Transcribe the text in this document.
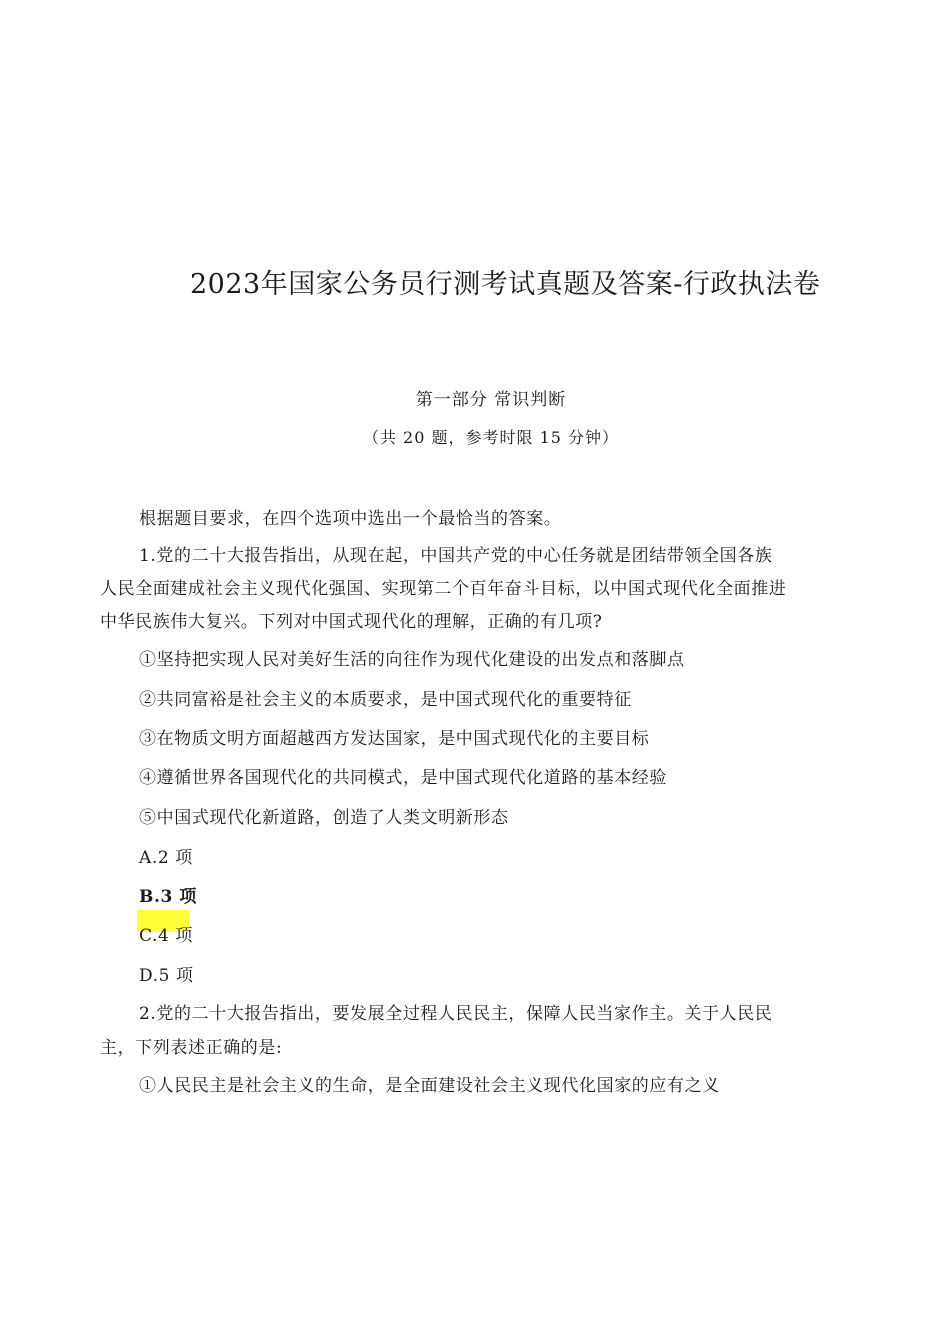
2023年国家公务员行测考试真题及答案-行政执法卷
第一部分 常识判断

（共 20 题，参考时限 15 分钟）

根据题目要求，在四个选项中选出一个最恰当的答案。

1.党的二十大报告指出，从现在起，中国共产党的中心任务就是团结带领全国各族

人民全面建成社会主义现代化强国、实现第二个百年奋斗目标，以中国式现代化全面推进

中华民族伟大复兴。下列对中国式现代化的理解，正确的有几项?

①坚持把实现人民对美好生活的向往作为现代化建设的出发点和落脚点

②共同富裕是社会主义的本质要求，是中国式现代化的重要特征

③在物质文明方面超越西方发达国家，是中国式现代化的主要目标

④遵循世界各国现代化的共同模式，是中国式现代化道路的基本经验

⑤中国式现代化新道路，创造了人类文明新形态

A.2 项

B.3 项

C.4 项

D.5 项

2.党的二十大报告指出，要发展全过程人民民主，保障人民当家作主。关于人民民

主，下列表述正确的是:

①人民民主是社会主义的生命，是全面建设社会主义现代化国家的应有之义
